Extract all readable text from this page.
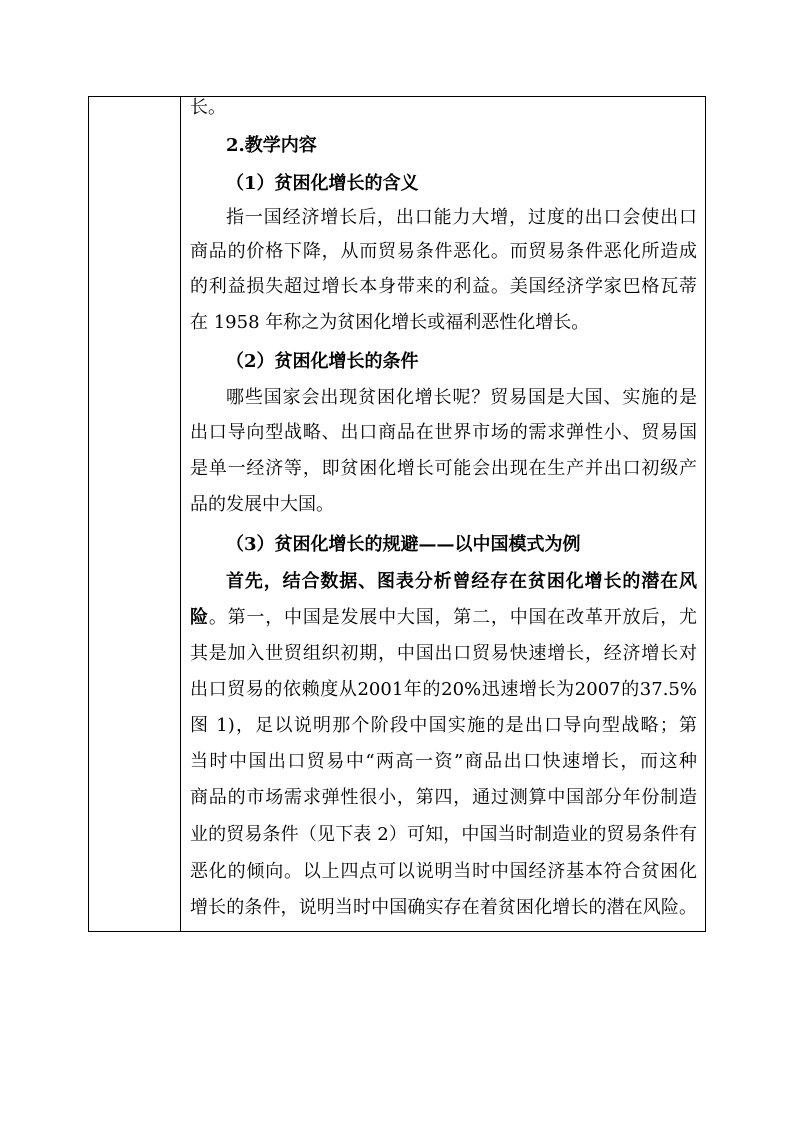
长。
2.教学内容
（1）贫困化增长的含义
指一国经济增长后，出口能力大增，过度的出口会使出口
商品的价格下降，从而贸易条件恶化。而贸易条件恶化所造成
的利益损失超过增长本身带来的利益。美国经济学家巴格瓦蒂
在 1958 年称之为贫困化增长或福利恶性化增长。
（2）贫困化增长的条件
哪些国家会出现贫困化增长呢？贸易国是大国、实施的是
出口导向型战略、出口商品在世界市场的需求弹性小、贸易国
是单一经济等，即贫困化增长可能会出现在生产并出口初级产
品的发展中大国。
（3）贫困化增长的规避——以中国模式为例
首先，结合数据、图表分析曾经存在贫困化增长的潜在风
险。第一，中国是发展中大国，第二，中国在改革开放后，尤
其是加入世贸组织初期，中国出口贸易快速增长，经济增长对
出口贸易的依赖度从2001年的20%迅速增长为2007的37.5%
图 1)，足以说明那个阶段中国实施的是出口导向型战略；第
当时中国出口贸易中“两高一资”商品出口快速增长，而这种
商品的市场需求弹性很小，第四，通过测算中国部分年份制造
业的贸易条件（见下表 2）可知，中国当时制造业的贸易条件有
恶化的倾向。以上四点可以说明当时中国经济基本符合贫困化
增长的条件，说明当时中国确实存在着贫困化增长的潜在风险。
